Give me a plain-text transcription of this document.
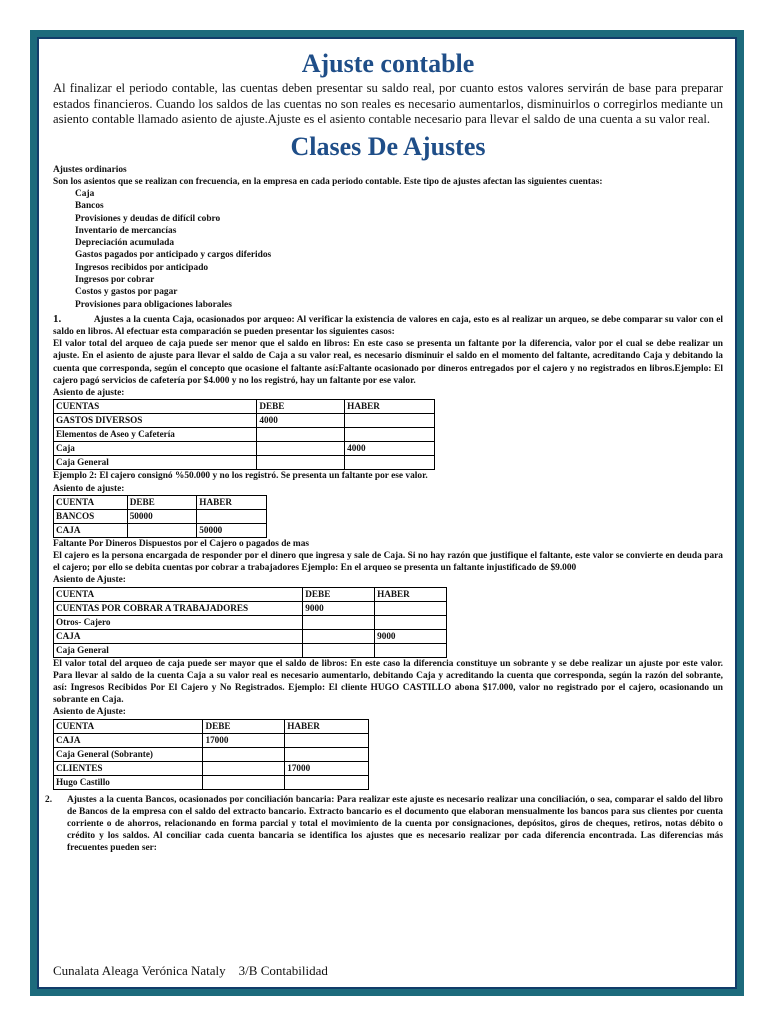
Ajuste contable

Al finalizar el periodo contable, las cuentas deben presentar su saldo real, por cuanto estos valores servirán de base para preparar estados financieros. Cuando los saldos de las cuentas no son reales es necesario aumentarlos, disminuirlos o corregirlos mediante un asiento contable llamado asiento de ajuste.Ajuste es el asiento contable necesario para llevar el saldo de una cuenta a su valor real.

Clases De Ajustes

Ajustes ordinarios

Son los asientos que se realizan con frecuencia, en la empresa en cada periodo contable. Este tipo de ajustes afectan las siguientes cuentas:

Caja
Bancos
Provisiones y deudas de difícil cobro
Inventario de mercancías
Depreciación acumulada
Gastos pagados por anticipado y cargos diferidos
Ingresos recibidos por anticipado
Ingresos por cobrar
Costos y gastos por pagar
Provisiones para obligaciones laborales

1.	Ajustes a la cuenta Caja, ocasionados por arqueo: Al verificar la existencia de valores en caja, esto es al realizar un arqueo, se debe comparar su valor con el saldo en libros. Al efectuar esta comparación se pueden presentar los siguientes casos:

El valor total del arqueo de caja puede ser menor que el saldo en libros: En este caso se presenta un faltante por la diferencia, valor por el cual se debe realizar un ajuste. En el asiento de ajuste para llevar el saldo de Caja a su valor real, es necesario disminuir el saldo en el momento del faltante, acreditando Caja y debitando la cuenta que corresponda, según el concepto que ocasione el faltante así:Faltante ocasionado por dineros entregados por el cajero y no registrados en libros.Ejemplo: El cajero pagó servicios de cafetería por $4.000 y no los registró, hay un faltante por ese valor.

Asiento de ajuste:

CUENTAS	DEBE	HABER
GASTOS DIVERSOS	4000	
Elementos de Aseo y Cafetería		
Caja		4000
Caja General		

Ejemplo 2: El cajero consignó %50.000 y no los registró. Se presenta un faltante por ese valor.

Asiento de ajuste:

CUENTA	DEBE	HABER
BANCOS	50000	
CAJA		50000

Faltante Por Dineros Dispuestos por el Cajero o pagados de mas

El cajero es la persona encargada de responder por el dinero que ingresa y sale de Caja. Si no hay razón que justifique el faltante, este valor se convierte en deuda para el cajero; por ello se debita cuentas por cobrar a trabajadores Ejemplo: En el arqueo se presenta un faltante injustificado de $9.000

Asiento de Ajuste:

CUENTA	DEBE	HABER
CUENTAS POR COBRAR A TRABAJADORES	9000	
Otros- Cajero		
CAJA		9000
Caja General		

El valor total del arqueo de caja puede ser mayor que el saldo de libros: En este caso la diferencia constituye un sobrante y se debe realizar un ajuste por este valor. Para llevar al saldo de la cuenta Caja a su valor real es necesario aumentarlo, debitando Caja y acreditando la cuenta que corresponda, según la razón del sobrante, así: Ingresos Recibidos Por El Cajero y No Registrados. Ejemplo: El cliente HUGO CASTILLO abona $17.000, valor no registrado por el cajero, ocasionando un sobrante en Caja.

Asiento de Ajuste:

CUENTA	DEBE	HABER
CAJA	17000	
Caja General (Sobrante)		
CLIENTES		17000
Hugo Castillo		
2. Ajustes a la cuenta Bancos, ocasionados por conciliación bancaria: Para realizar este ajuste es necesario realizar una conciliación, o sea, comparar el saldo del libro de Bancos de la empresa con el saldo del extracto bancario. Extracto bancario es el documento que elaboran mensualmente los bancos para sus clientes por cuenta corriente o de ahorros, relacionando en forma parcial y total el movimiento de la cuenta por consignaciones, depósitos, giros de cheques, retiros, notas débito o crédito y los saldos. Al conciliar cada cuenta bancaria se identifica los ajustes que es necesario realizar por cada diferencia encontrada. Las diferencias más frecuentes pueden ser:

Cunalata Aleaga Verónica Nataly    3/B Contabilidad
